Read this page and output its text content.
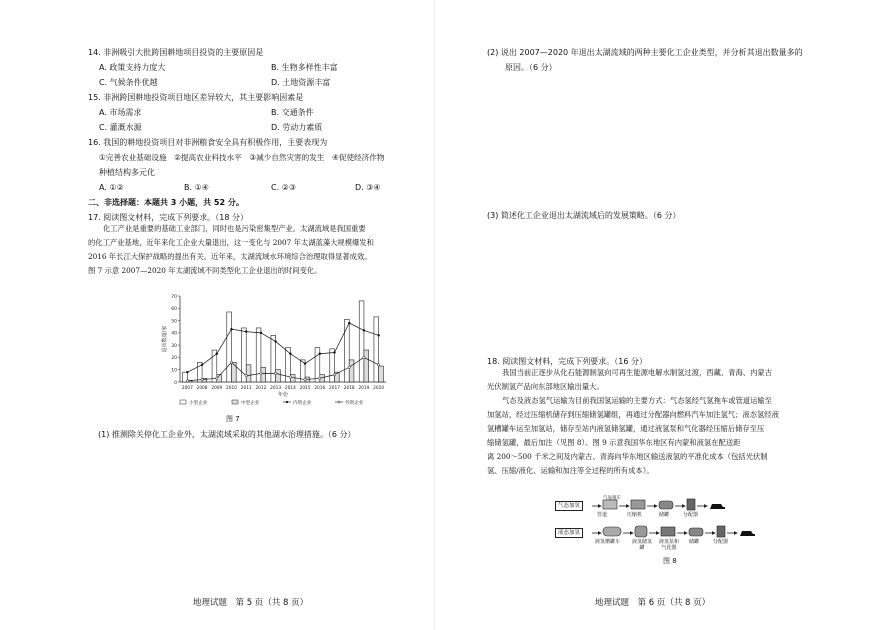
14. 非洲吸引大批跨国耕地项目投资的主要原因是
A. 政策支持力度大	B. 生物多样性丰富
C. 气候条件优越	D. 土地资源丰富
15. 非洲跨国耕地投资项目地区差异较大，其主要影响因素是
A. 市场需求	B. 交通条件
C. 灌溉水源	D. 劳动力素质
16. 我国的耕地投资项目对非洲粮食安全具有积极作用，主要表现为
①完善农业基础设施　②提高农业科技水平　③减少自然灾害的发生　④促使经济作物
种植结构多元化
A. ①②	B. ①④	C. ②③	D. ③④
二、非选择题：本题共 3 小题，共 52 分。
17. 阅读图文材料，完成下列要求。（18 分）
化工产业是重要的基础工业部门，同时也是污染密集型产业。太湖流域是我国重要
的化工产业基地，近年来化工企业大量退出，这一变化与 2007 年太湖蓝藻大规模爆发和
2016 年长江大保护战略的提出有关。近年来，太湖流域水环境综合治理取得显著成效。
图 7 示意 2007—2020 年太湖流域不同类型化工企业退出的时间变化。
0
10
20
30
40
50
60
70
退出数量/家
2007 2008 2009 2010 2011 2012 2013 2014 2015 2016 2017 2018 2019 2020
年份
小型企业	中型企业	内资企业	外资企业
图 7
(1) 推测除关停化工企业外，太湖流域采取的其他湖水治理措施。（6 分）
地理试题　第 5 页（共 8 页）
(2) 说出 2007—2020 年退出太湖流域的两种主要化工企业类型，并分析其退出数量多的
原因。（6 分）
(3) 简述化工企业退出太湖流域后的发展策略。（6 分）
18. 阅读图文材料，完成下列要求。（16 分）
我国当前正逐步从化石能源制氢向可再生能源电解水制氢过渡，西藏、青海、内蒙古
光伏制氢产品向东部地区输出量大。
气态及液态氢气运输为目前我国氢运输的主要方式：气态氢经气氢拖车或管道运输至
加氢站，经过压缩机储存到压缩储氢罐组，再通过分配器向燃料汽车加注氢气；液态氢经液
氢槽罐车运至加氢站，储存至站内液氢储氢罐，通过液氢泵和气化器经压缩后储存至压
缩储氢罐，最后加注（见图 8）。图 9 示意我国华东地区有内蒙和液氢在配送距
离 200～500 千米之间及内蒙古、青海向华东地区输送液氢的平准化成本（包括光伏制
氢、压缩/液化、运输和加注等全过程的所有成本）。
气态加氢
液态加氢
管道	压缩机	储罐	分配器
气氢拖车
液氢槽罐车 液氢储氢罐
液氢泵和气化器
储罐	分配器
图 8
地理试题　第 6 页（共 8 页）
